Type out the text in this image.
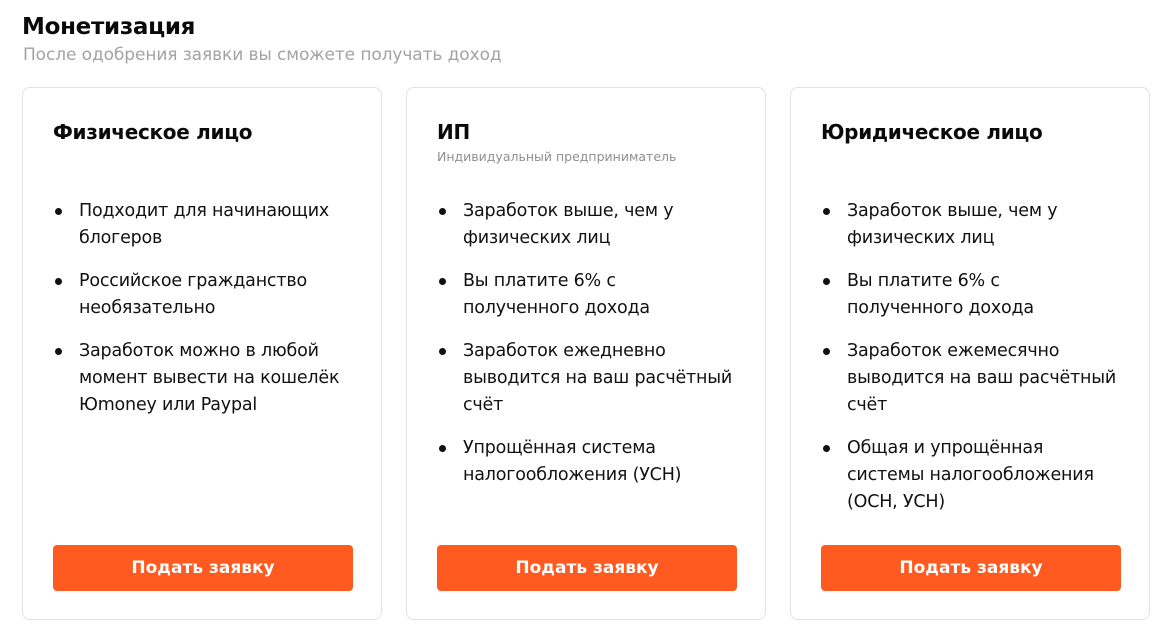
Монетизация

После одобрения заявки вы сможете получать доход

Физическое лицо
Подходит для начинающих блогеров
Российское гражданство необязательно
Заработок можно в любой момент вывести на кошелёк Юmoney или Paypal
Подать заявку
ИП

Индивидуальный предприниматель

Заработок выше, чем у физических лиц
Вы платите 6% с полученного дохода
Заработок ежедневно выводится на ваш расчётный счёт
Упрощённая система налогообложения (УСН)
Подать заявку
Юридическое лицо
Заработок выше, чем у физических лиц
Вы платите 6% с полученного дохода
Заработок ежемесячно выводится на ваш расчётный счёт
Общая и упрощённая системы налогообложения (ОСН, УСН)
Подать заявку
